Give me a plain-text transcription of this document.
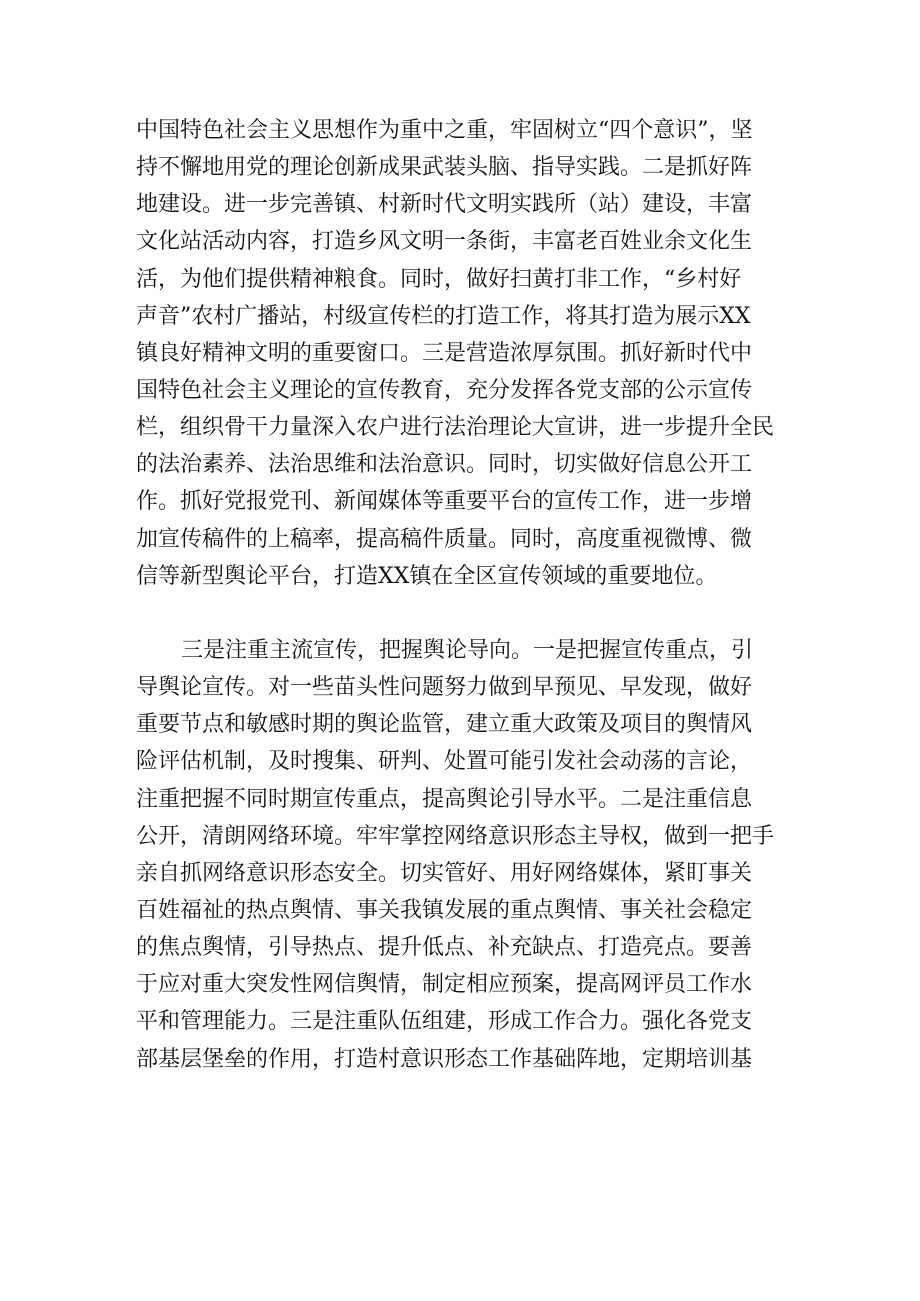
中国特色社会主义思想作为重中之重，牢固树立“四个意识”，坚
持不懈地用党的理论创新成果武装头脑、指导实践。二是抓好阵
地建设。进一步完善镇、村新时代文明实践所（站）建设，丰富
文化站活动内容，打造乡风文明一条街，丰富老百姓业余文化生
活，为他们提供精神粮食。同时，做好扫黄打非工作，“乡村好
声音”农村广播站，村级宣传栏的打造工作，将其打造为展示XX
镇良好精神文明的重要窗口。三是营造浓厚氛围。抓好新时代中
国特色社会主义理论的宣传教育，充分发挥各党支部的公示宣传
栏，组织骨干力量深入农户进行法治理论大宣讲，进一步提升全民
的法治素养、法治思维和法治意识。同时，切实做好信息公开工
作。抓好党报党刊、新闻媒体等重要平台的宣传工作，进一步增
加宣传稿件的上稿率，提高稿件质量。同时，高度重视微博、微
信等新型舆论平台，打造XX镇在全区宣传领域的重要地位。
三是注重主流宣传，把握舆论导向。一是把握宣传重点，引
导舆论宣传。对一些苗头性问题努力做到早预见、早发现，做好
重要节点和敏感时期的舆论监管，建立重大政策及项目的舆情风
险评估机制，及时搜集、研判、处置可能引发社会动荡的言论，
注重把握不同时期宣传重点，提高舆论引导水平。二是注重信息
公开，清朗网络环境。牢牢掌控网络意识形态主导权，做到一把手
亲自抓网络意识形态安全。切实管好、用好网络媒体，紧盯事关
百姓福祉的热点舆情、事关我镇发展的重点舆情、事关社会稳定
的焦点舆情，引导热点、提升低点、补充缺点、打造亮点。要善
于应对重大突发性网信舆情，制定相应预案，提高网评员工作水
平和管理能力。三是注重队伍组建，形成工作合力。强化各党支
部基层堡垒的作用，打造村意识形态工作基础阵地，定期培训基
